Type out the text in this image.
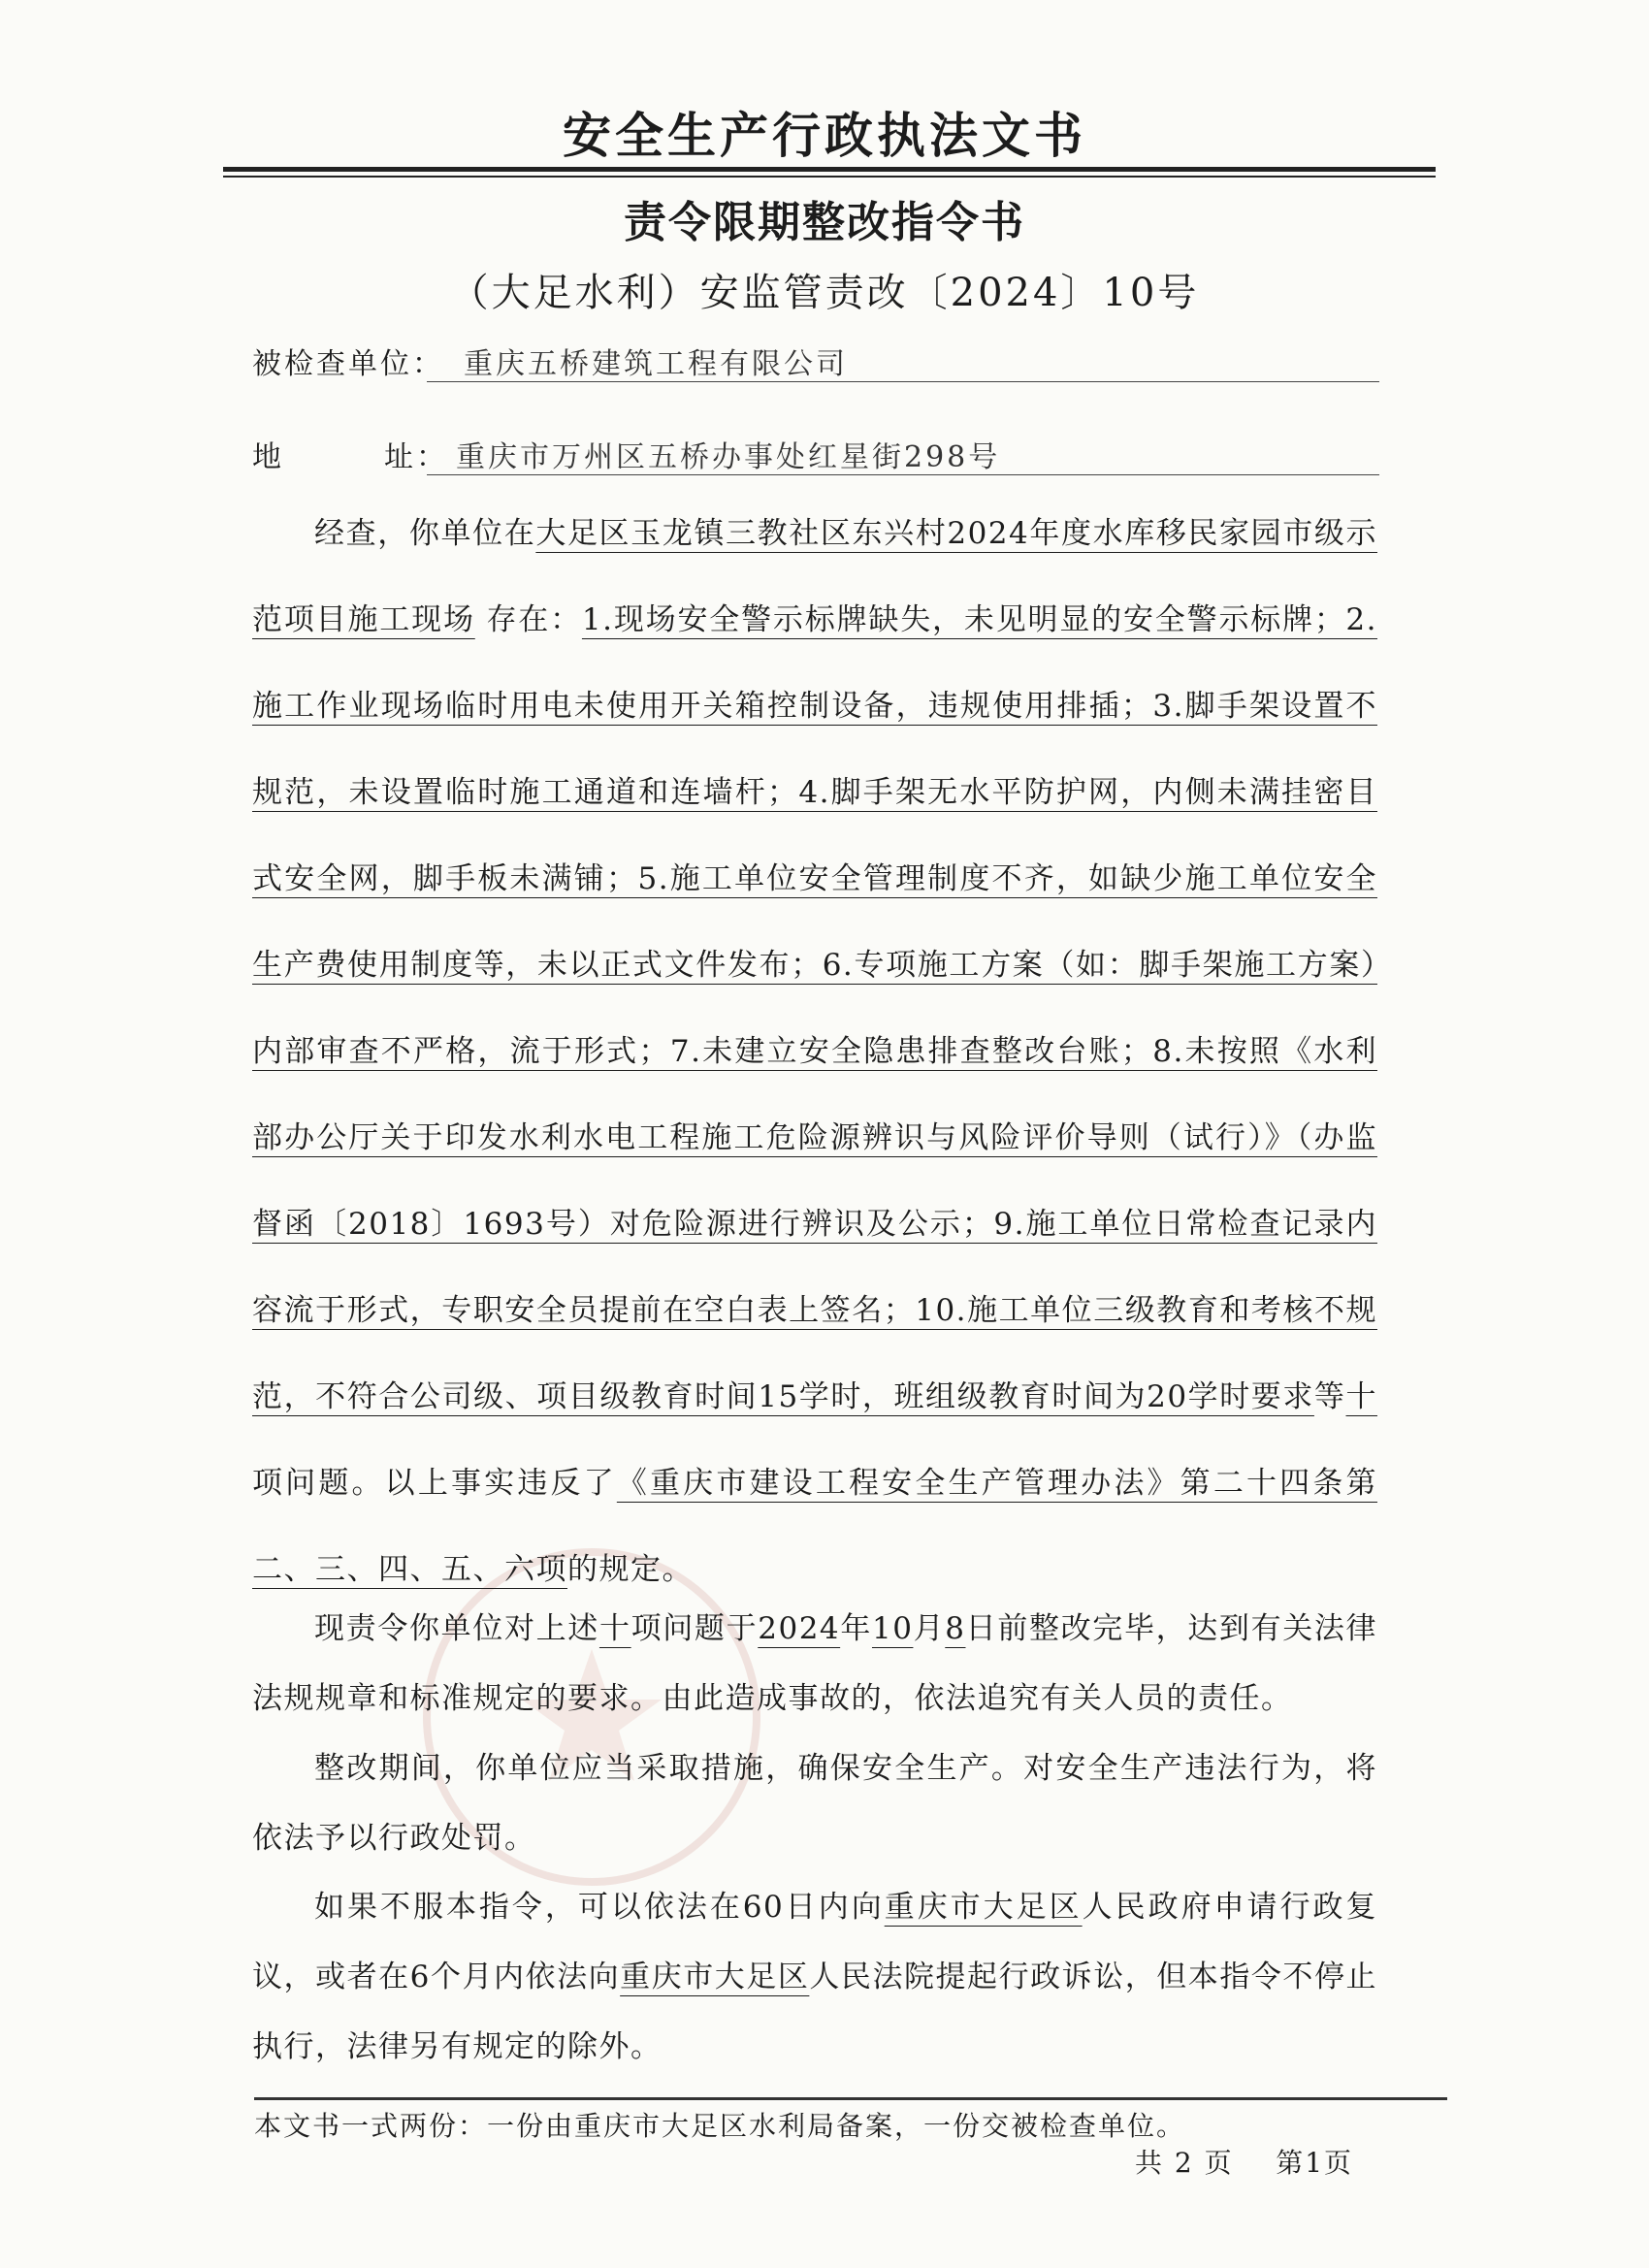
安全生产行政执法文书
责令限期整改指令书
（大足水利）安监管责改〔2024〕10号
被检查单位： 重庆五桥建筑工程有限公司
地	址： 重庆市万州区五桥办事处红星街298号
经查，你单位在大足区玉龙镇三教社区东兴村2024年度水库移民家园市级示范项目施工现场 存在：1.现场安全警示标牌缺失，未见明显的安全警示标牌；2.施工作业现场临时用电未使用开关箱控制设备，违规使用排插；3.脚手架设置不规范，未设置临时施工通道和连墙杆；4.脚手架无水平防护网，内侧未满挂密目式安全网，脚手板未满铺；5.施工单位安全管理制度不齐，如缺少施工单位安全生产费使用制度等，未以正式文件发布；6.专项施工方案（如：脚手架施工方案）内部审查不严格，流于形式；7.未建立安全隐患排查整改台账；8.未按照《水利部办公厅关于印发水利水电工程施工危险源辨识与风险评价导则（试行）》（办监督函〔2018〕1693号）对危险源进行辨识及公示；9.施工单位日常检查记录内容流于形式，专职安全员提前在空白表上签名；10.施工单位三级教育和考核不规范，不符合公司级、项目级教育时间15学时，班组级教育时间为20学时要求等十项问题。以上事实违反了《重庆市建设工程安全生产管理办法》第二十四条第二、三、四、五、六项的规定。
现责令你单位对上述十项问题于2024年10月8日前整改完毕，达到有关法律法规规章和标准规定的要求。由此造成事故的，依法追究有关人员的责任。
整改期间，你单位应当采取措施，确保安全生产。对安全生产违法行为，将依法予以行政处罚。
如果不服本指令，可以依法在60日内向重庆市大足区人民政府申请行政复议，或者在6个月内依法向重庆市大足区人民法院提起行政诉讼，但本指令不停止执行，法律另有规定的除外。
本文书一式两份：一份由重庆市大足区水利局备案，一份交被检查单位。
共 2 页    第1页
